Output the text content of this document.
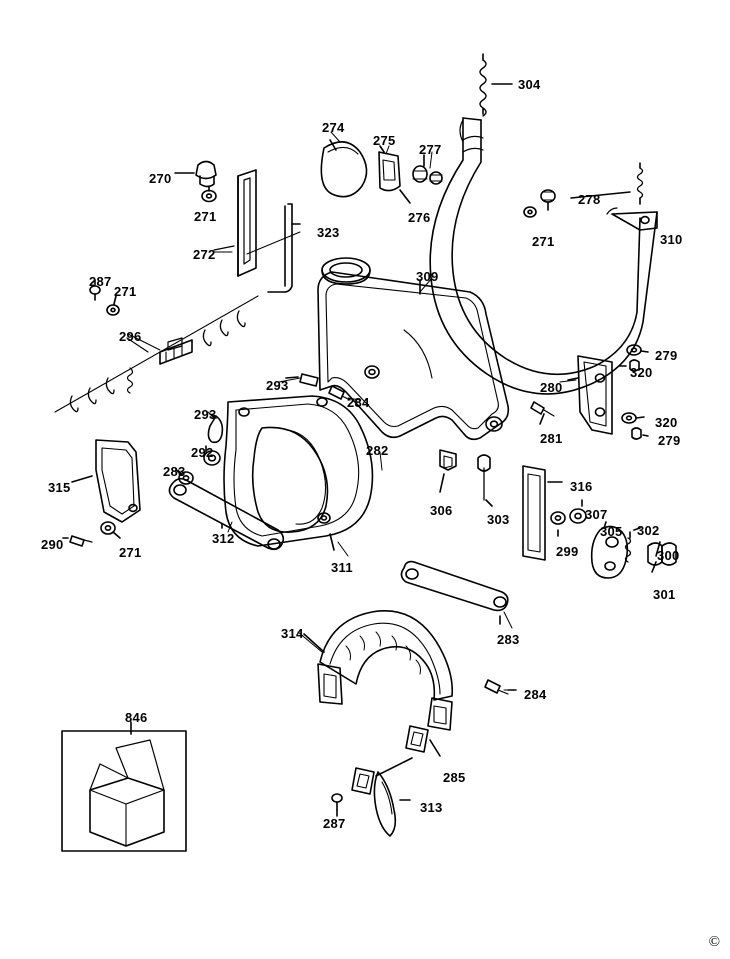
304
274
275
277
270
278
271	276
271
323
272
310
287
271
309
296
279
320
293	280
284
293
320
281	279
292	282
283
315	316
307
306
303
312	305 302
290
271	299	300
311
301
283
314
284
846
285
313
287
©
